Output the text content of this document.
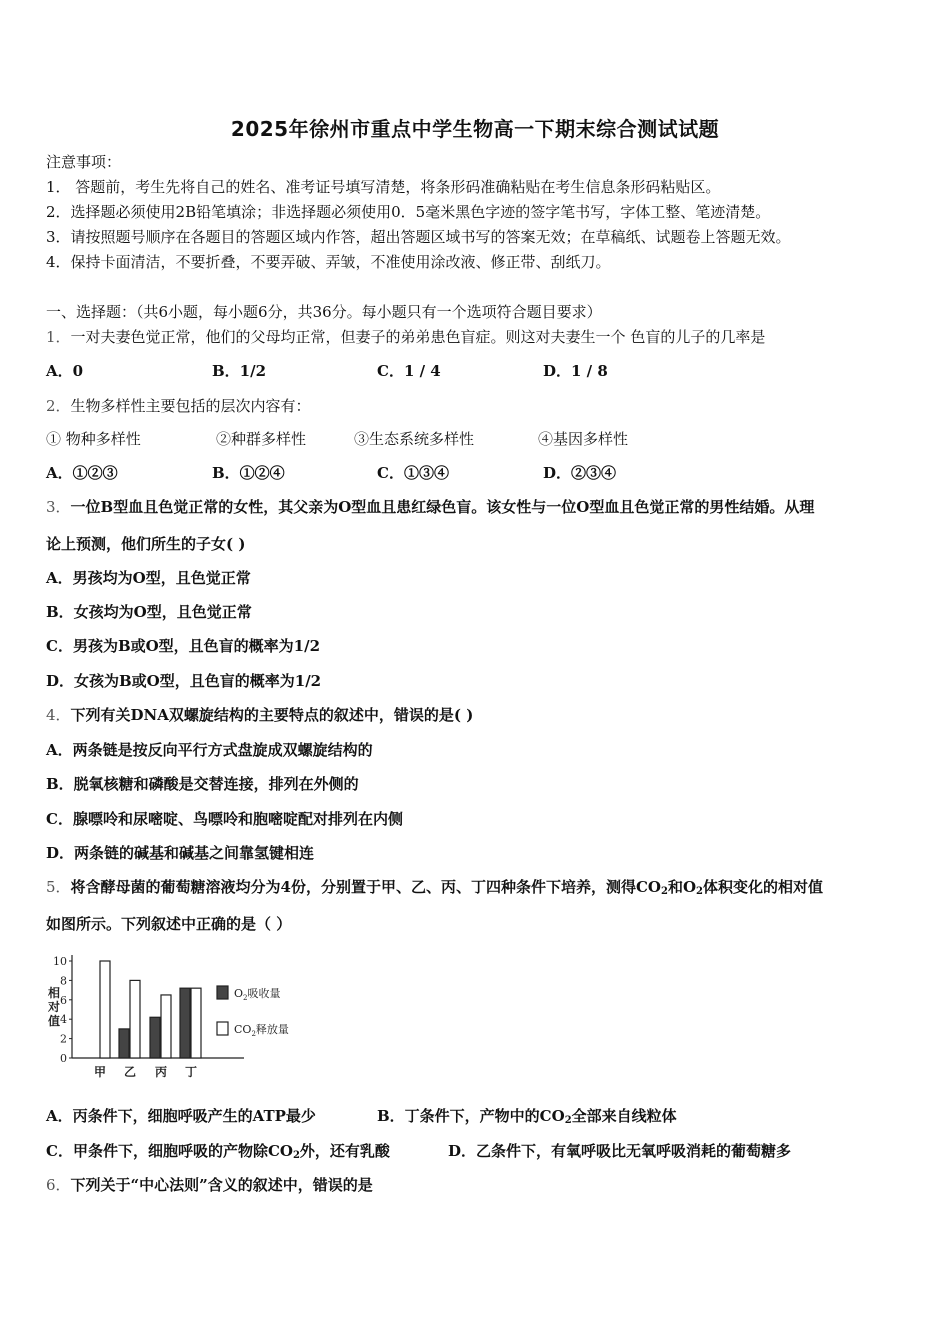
2025年徐州市重点中学生物高一下期末综合测试试题
注意事项：
1． 答题前，考生先将自己的姓名、准考证号填写清楚，将条形码准确粘贴在考生信息条形码粘贴区。
2．选择题必须使用2B铅笔填涂；非选择题必须使用0．5毫米黑色字迹的签字笔书写，字体工整、笔迹清楚。
3．请按照题号顺序在各题目的答题区域内作答，超出答题区域书写的答案无效；在草稿纸、试题卷上答题无效。
4．保持卡面清洁，不要折叠，不要弄破、弄皱，不准使用涂改液、修正带、刮纸刀。
一、选择题：（共6小题，每小题6分，共36分。每小题只有一个选项符合题目要求）
1．一对夫妻色觉正常，他们的父母均正常，但妻子的弟弟患色盲症。则这对夫妻生一个 色盲的儿子的几率是
A．0	B．1/2	C．1 / 4	D．1 / 8
2．生物多样性主要包括的层次内容有：
① 物种多样性	②种群多样性	③生态系统多样性	④基因多样性
A．①②③	B．①②④	C．①③④	D．②③④
3．一位B型血且色觉正常的女性，其父亲为O型血且患红绿色盲。该女性与一位O型血且色觉正常的男性结婚。从理
论上预测，他们所生的子女( )
A．男孩均为O型，且色觉正常
B．女孩均为O型，且色觉正常
C．男孩为B或O型，且色盲的概率为1/2
D．女孩为B或O型，且色盲的概率为1/2
4．下列有关DNA双螺旋结构的主要特点的叙述中，错误的是( )
A．两条链是按反向平行方式盘旋成双螺旋结构的
B．脱氧核糖和磷酸是交替连接，排列在外侧的
C．腺嘌呤和尿嘧啶、鸟嘌呤和胞嘧啶配对排列在内侧
D．两条链的碱基和碱基之间靠氢键相连
5．将含酵母菌的葡萄糖溶液均分为4份，分别置于甲、乙、丙、丁四种条件下培养，测得$CO_2$和$O_2$体积变化的相对值
如图所示。下列叙述中正确的是（ ）
0
2
4
6
8
10
相
对
值
甲 乙 丙 丁
$O_2$吸收量
$CO_2$释放量
A．丙条件下，细胞呼吸产生的ATP最少	B．丁条件下，产物中的$CO_2$全部来自线粒体
C．甲条件下，细胞呼吸的产物除$CO_2$外，还有乳酸	D．乙条件下，有氧呼吸比无氧呼吸消耗的葡萄糖多
6．下列关于“中心法则”含义的叙述中，错误的是
